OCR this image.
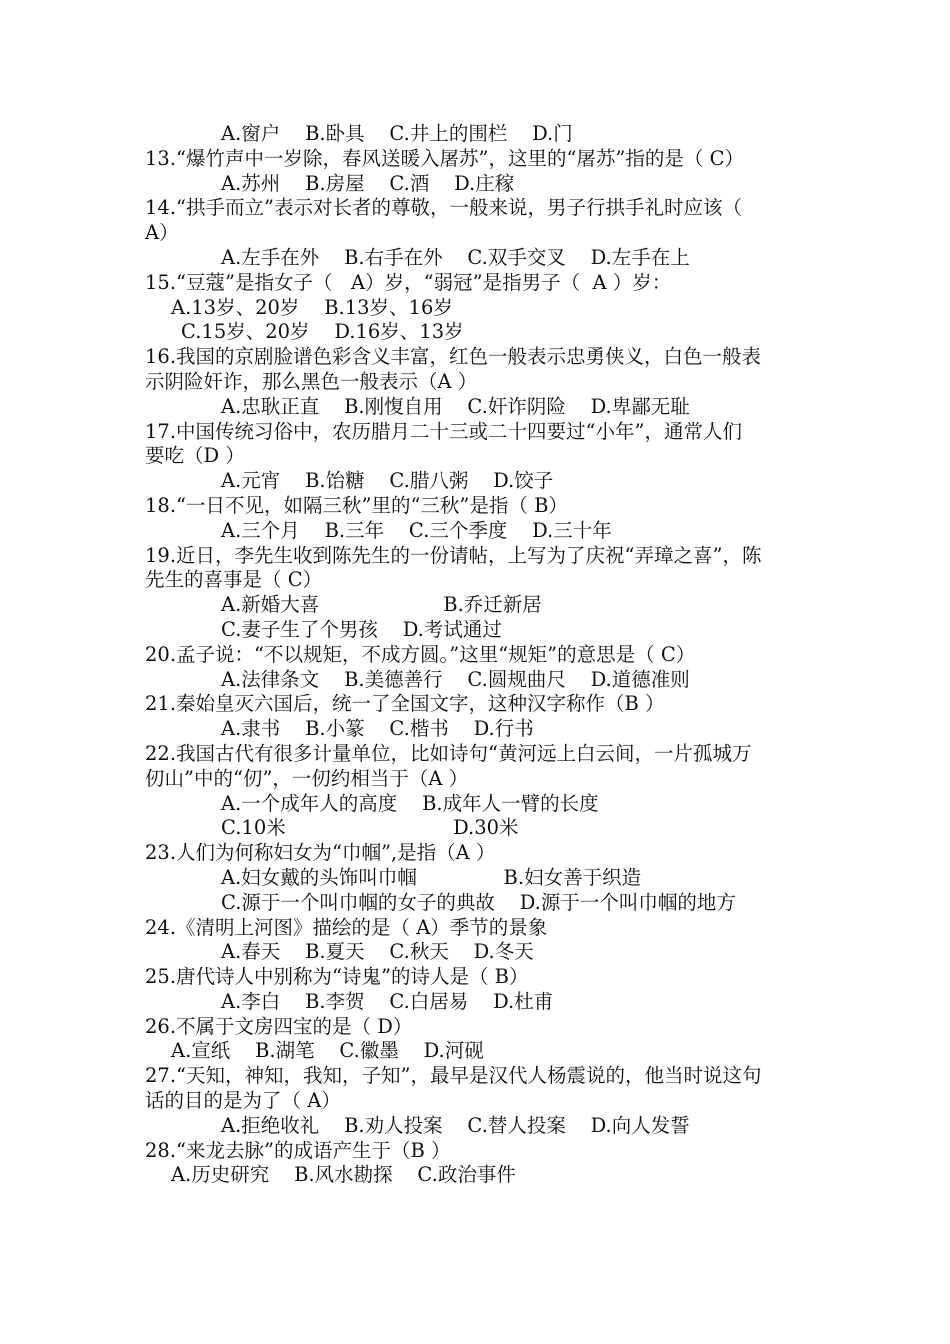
A.窗户    B.卧具    C.井上的围栏    D.门
13.“爆竹声中一岁除，春风送暖入屠苏”，这里的“屠苏”指的是（ C）
A.苏州    B.房屋    C.酒    D.庄稼
14.“拱手而立”表示对长者的尊敬，一般来说，男子行拱手礼时应该（
A）
A.左手在外    B.右手在外    C.双手交叉    D.左手在上
15.“豆蔻”是指女子（   A）岁，“弱冠”是指男子（  A ）岁：
A.13岁、20岁    B.13岁、16岁
C.15岁、20岁    D.16岁、13岁
16.我国的京剧脸谱色彩含义丰富，红色一般表示忠勇侠义，白色一般表
示阴险奸诈，那么黑色一般表示（A ）
A.忠耿正直    B.刚愎自用    C.奸诈阴险    D.卑鄙无耻
17.中国传统习俗中，农历腊月二十三或二十四要过“小年”，通常人们
要吃（D ）
A.元宵    B.饴糖    C.腊八粥    D.饺子
18.“一日不见，如隔三秋”里的“三秋”是指（ B）
A.三个月    B.三年    C.三个季度    D.三十年
19.近日，李先生收到陈先生的一份请帖，上写为了庆祝“弄璋之喜”，陈
先生的喜事是（ C）
A.新婚大喜                    B.乔迁新居
C.妻子生了个男孩    D.考试通过
20.孟子说：“不以规矩，不成方圆。”这里“规矩”的意思是（ C）
A.法律条文    B.美德善行    C.圆规曲尺    D.道德准则
21.秦始皇灭六国后，统一了全国文字，这种汉字称作（B ）
A.隶书    B.小篆    C.楷书    D.行书
22.我国古代有很多计量单位，比如诗句“黄河远上白云间，一片孤城万
仞山”中的“仞”，一仞约相当于（A ）
A.一个成年人的高度    B.成年人一臂的长度
C.10米                           D.30米
23.人们为何称妇女为“巾帼”,是指（A ）
A.妇女戴的头饰叫巾帼              B.妇女善于织造
C.源于一个叫巾帼的女子的典故    D.源于一个叫巾帼的地方
24.《清明上河图》描绘的是（ A）季节的景象
A.春天    B.夏天    C.秋天    D.冬天
25.唐代诗人中别称为“诗鬼”的诗人是（ B）
A.李白    B.李贺    C.白居易    D.杜甫
26.不属于文房四宝的是（ D）
A.宣纸    B.湖笔    C.徽墨    D.河砚
27.“天知，神知，我知，子知”，最早是汉代人杨震说的，他当时说这句
话的目的是为了（ A）
A.拒绝收礼    B.劝人投案    C.替人投案    D.向人发誓
28.“来龙去脉”的成语产生于（B ）
A.历史研究    B.风水勘探    C.政治事件
